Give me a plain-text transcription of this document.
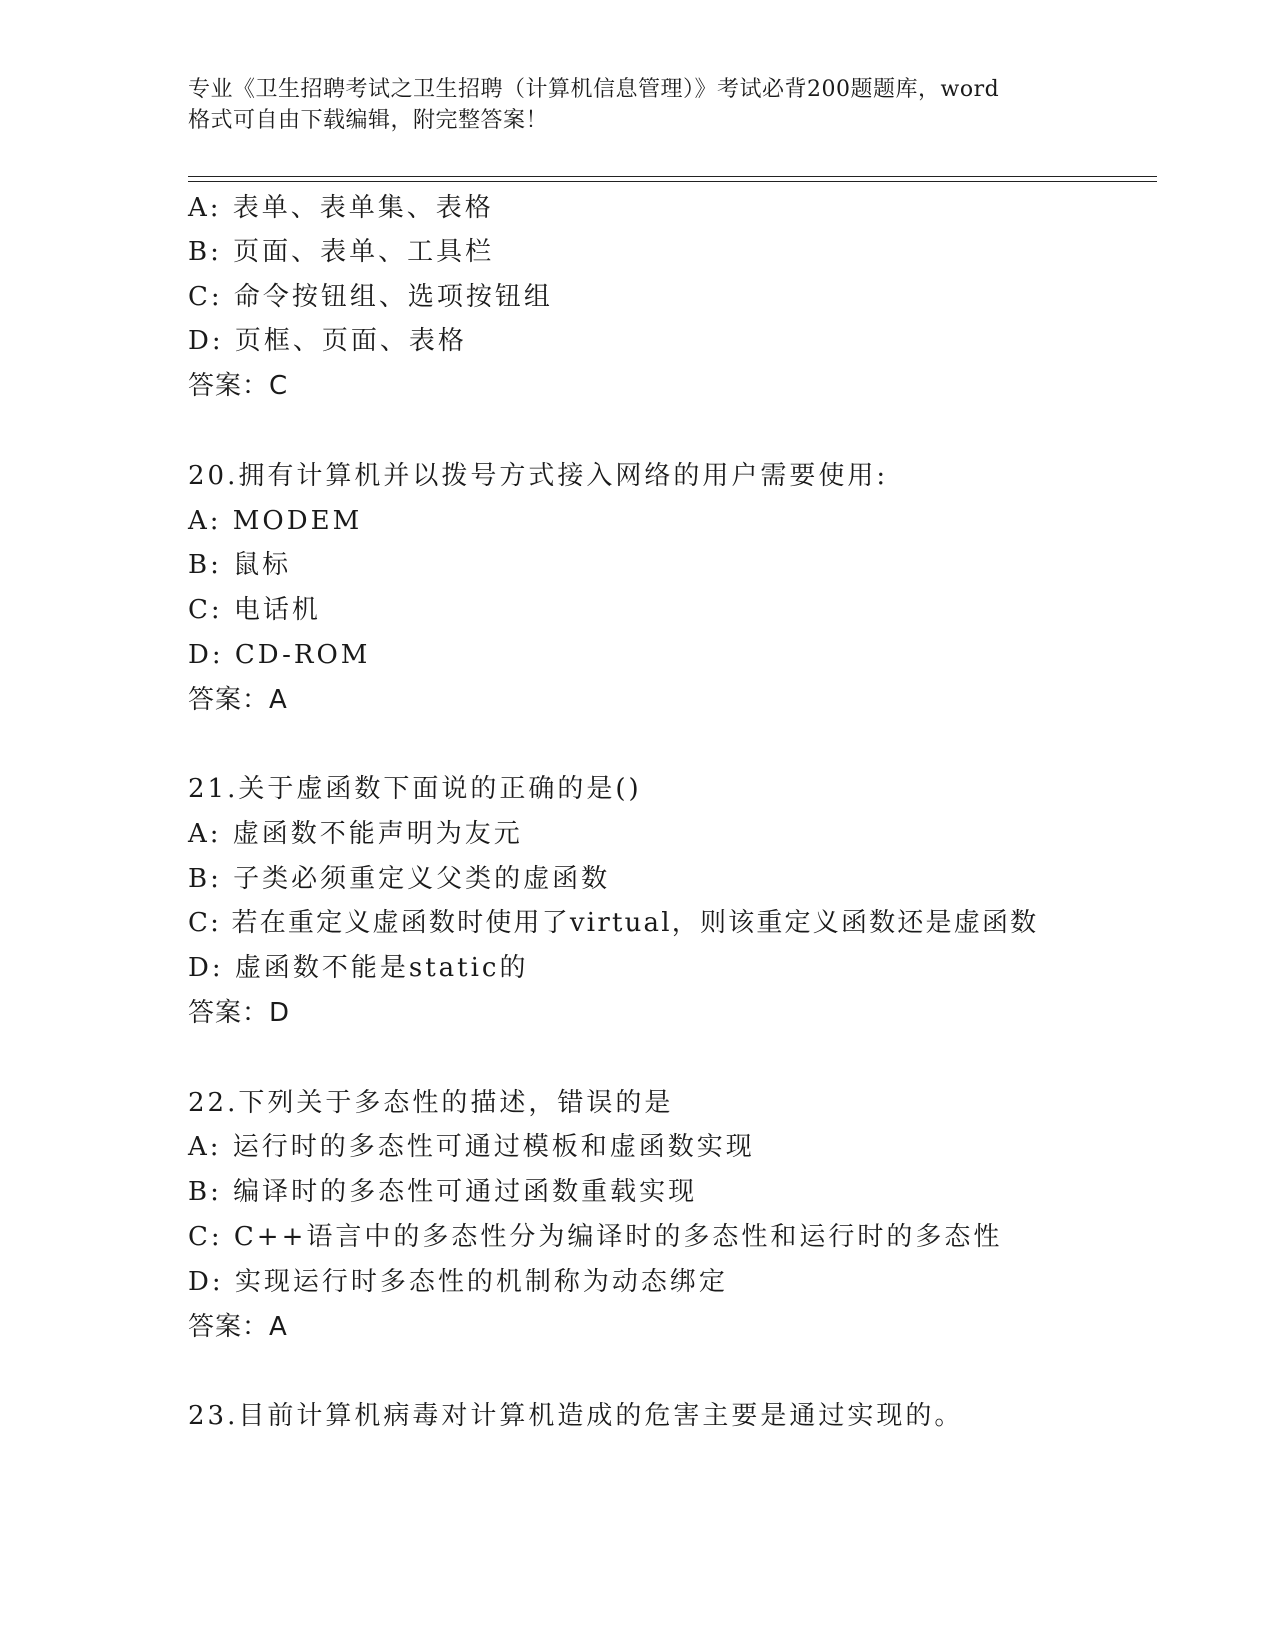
专业《卫生招聘考试之卫生招聘（计算机信息管理）》考试必背200题题库，word
格式可自由下载编辑，附完整答案！
A: 表单、表单集、表格
B: 页面、表单、工具栏
C: 命令按钮组、选项按钮组
D: 页框、页面、表格
答案：C
20.拥有计算机并以拨号方式接入网络的用户需要使用:
A: MODEM
B: 鼠标
C: 电话机
D: CD-ROM
答案：A
21.关于虚函数下面说的正确的是()
A: 虚函数不能声明为友元
B: 子类必须重定义父类的虚函数
C: 若在重定义虚函数时使用了virtual，则该重定义函数还是虚函数
D: 虚函数不能是static的
答案：D
22.下列关于多态性的描述，错误的是
A: 运行时的多态性可通过模板和虚函数实现
B: 编译时的多态性可通过函数重载实现
C: C++语言中的多态性分为编译时的多态性和运行时的多态性
D: 实现运行时多态性的机制称为动态绑定
答案：A
23.目前计算机病毒对计算机造成的危害主要是通过实现的。
